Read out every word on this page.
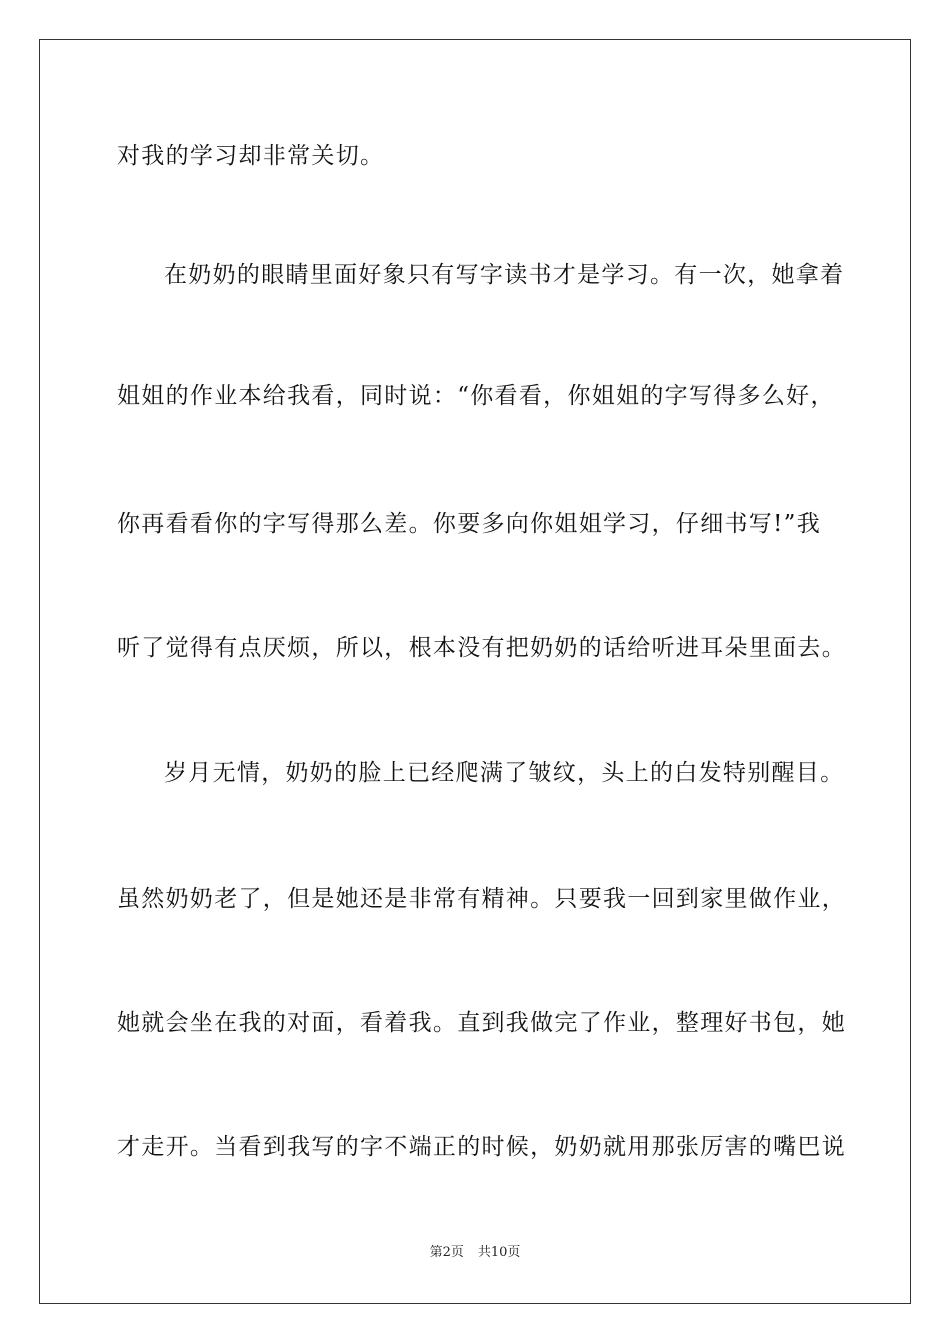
对我的学习却非常关切。
在奶奶的眼睛里面好象只有写字读书才是学习。有一次，她拿着
姐姐的作业本给我看，同时说：“你看看，你姐姐的字写得多么好，
你再看看你的字写得那么差。你要多向你姐姐学习，仔细书写!”我
听了觉得有点厌烦，所以，根本没有把奶奶的话给听进耳朵里面去。
岁月无情，奶奶的脸上已经爬满了皱纹，头上的白发特别醒目。
虽然奶奶老了，但是她还是非常有精神。只要我一回到家里做作业，
她就会坐在我的对面，看着我。直到我做完了作业，整理好书包，她
才走开。当看到我写的字不端正的时候，奶奶就用那张厉害的嘴巴说
第2页 共10页
